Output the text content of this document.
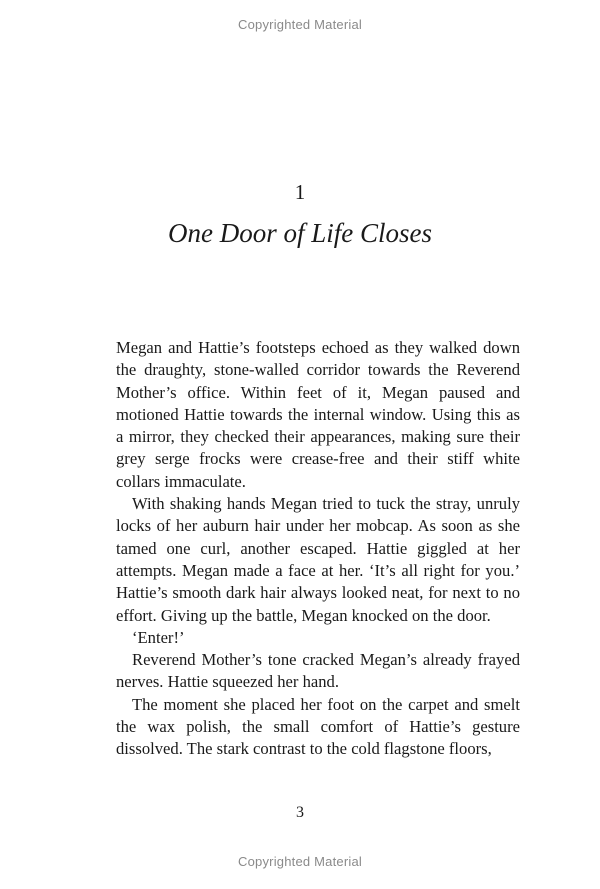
Copyrighted Material
1
One Door of Life Closes

Megan and Hattie’s footsteps echoed as they walked down the draughty, stone-walled corridor towards the Reverend Mother’s office. Within feet of it, Megan paused and motioned Hattie towards the internal window. Using this as a mirror, they checked their appearances, making sure their grey serge frocks were crease-free and their stiff white collars immaculate.

With shaking hands Megan tried to tuck the stray, unruly locks of her auburn hair under her mobcap. As soon as she tamed one curl, another escaped. Hattie giggled at her attempts. Megan made a face at her. ‘It’s all right for you.’ Hattie’s smooth dark hair always looked neat, for next to no effort. Giving up the battle, Megan knocked on the door.

‘Enter!’

Reverend Mother’s tone cracked Megan’s already frayed nerves. Hattie squeezed her hand.

The moment she placed her foot on the carpet and smelt the wax polish, the small comfort of Hattie’s gesture dissolved. The stark contrast to the cold flagstone floors,

3
Copyrighted Material
